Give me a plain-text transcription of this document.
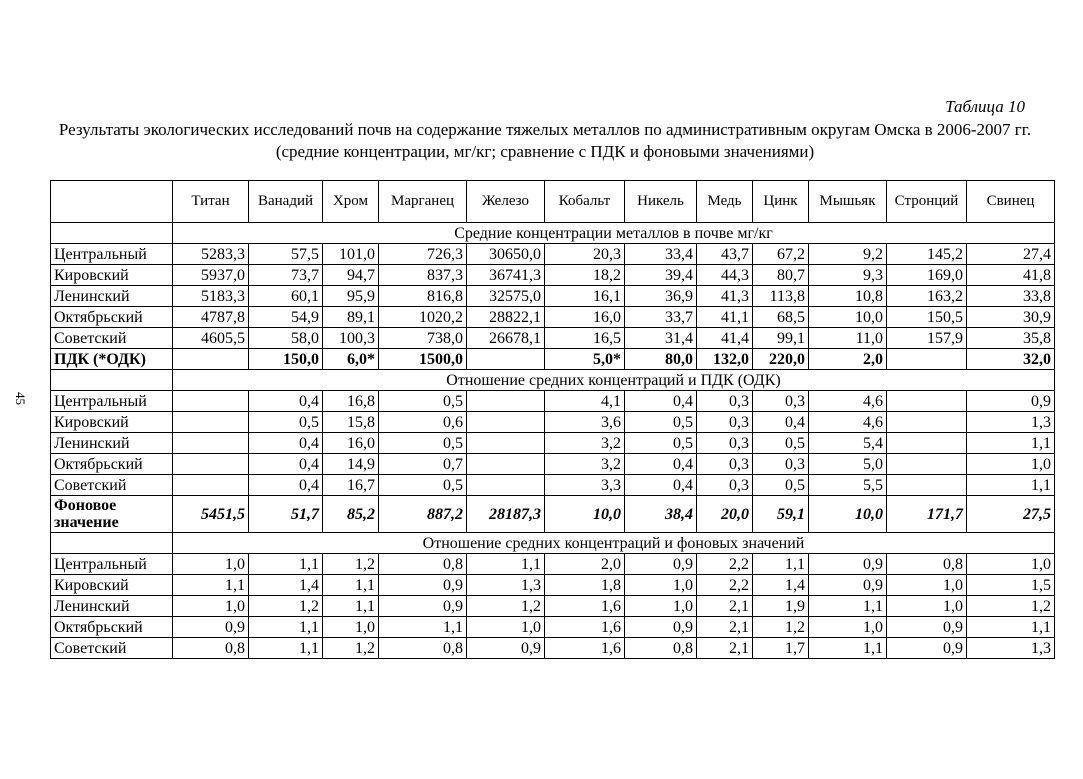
Таблица 10
Результаты экологических исследований почв на содержание тяжелых металлов по административным округам Омска в 2006-2007 гг. (средние концентрации, мг/кг; сравнение с ПДК и фоновыми значениями)
45
	Титан	Ванадий	Хром	Марганец	Железо	Кобальт	Никель	Медь	Цинк	Мышьяк	Стронций	Свинец
	Средние концентрации металлов в почве мг/кг											
Центральный	5283,3	57,5	101,0	726,3	30650,0	20,3	33,4	43,7	67,2	9,2	145,2	27,4
Кировский	5937,0	73,7	94,7	837,3	36741,3	18,2	39,4	44,3	80,7	9,3	169,0	41,8
Ленинский	5183,3	60,1	95,9	816,8	32575,0	16,1	36,9	41,3	113,8	10,8	163,2	33,8
Октябрьский	4787,8	54,9	89,1	1020,2	28822,1	16,0	33,7	41,1	68,5	10,0	150,5	30,9
Советский	4605,5	58,0	100,3	738,0	26678,1	16,5	31,4	41,4	99,1	11,0	157,9	35,8
ПДК (*ОДК)		150,0	6,0*	1500,0		5,0*	80,0	132,0	220,0	2,0		32,0
	Отношение средних концентраций и ПДК (ОДК)											
Центральный		0,4	16,8	0,5		4,1	0,4	0,3	0,3	4,6		0,9
Кировский		0,5	15,8	0,6		3,6	0,5	0,3	0,4	4,6		1,3
Ленинский		0,4	16,0	0,5		3,2	0,5	0,3	0,5	5,4		1,1
Октябрьский		0,4	14,9	0,7		3,2	0,4	0,3	0,3	5,0		1,0
Советский		0,4	16,7	0,5		3,3	0,4	0,3	0,5	5,5		1,1
Фоновое значение	5451,5	51,7	85,2	887,2	28187,3	10,0	38,4	20,0	59,1	10,0	171,7	27,5
	Отношение средних концентраций и фоновых значений											
Центральный	1,0	1,1	1,2	0,8	1,1	2,0	0,9	2,2	1,1	0,9	0,8	1,0
Кировский	1,1	1,4	1,1	0,9	1,3	1,8	1,0	2,2	1,4	0,9	1,0	1,5
Ленинский	1,0	1,2	1,1	0,9	1,2	1,6	1,0	2,1	1,9	1,1	1,0	1,2
Октябрьский	0,9	1,1	1,0	1,1	1,0	1,6	0,9	2,1	1,2	1,0	0,9	1,1
Советский	0,8	1,1	1,2	0,8	0,9	1,6	0,8	2,1	1,7	1,1	0,9	1,3
